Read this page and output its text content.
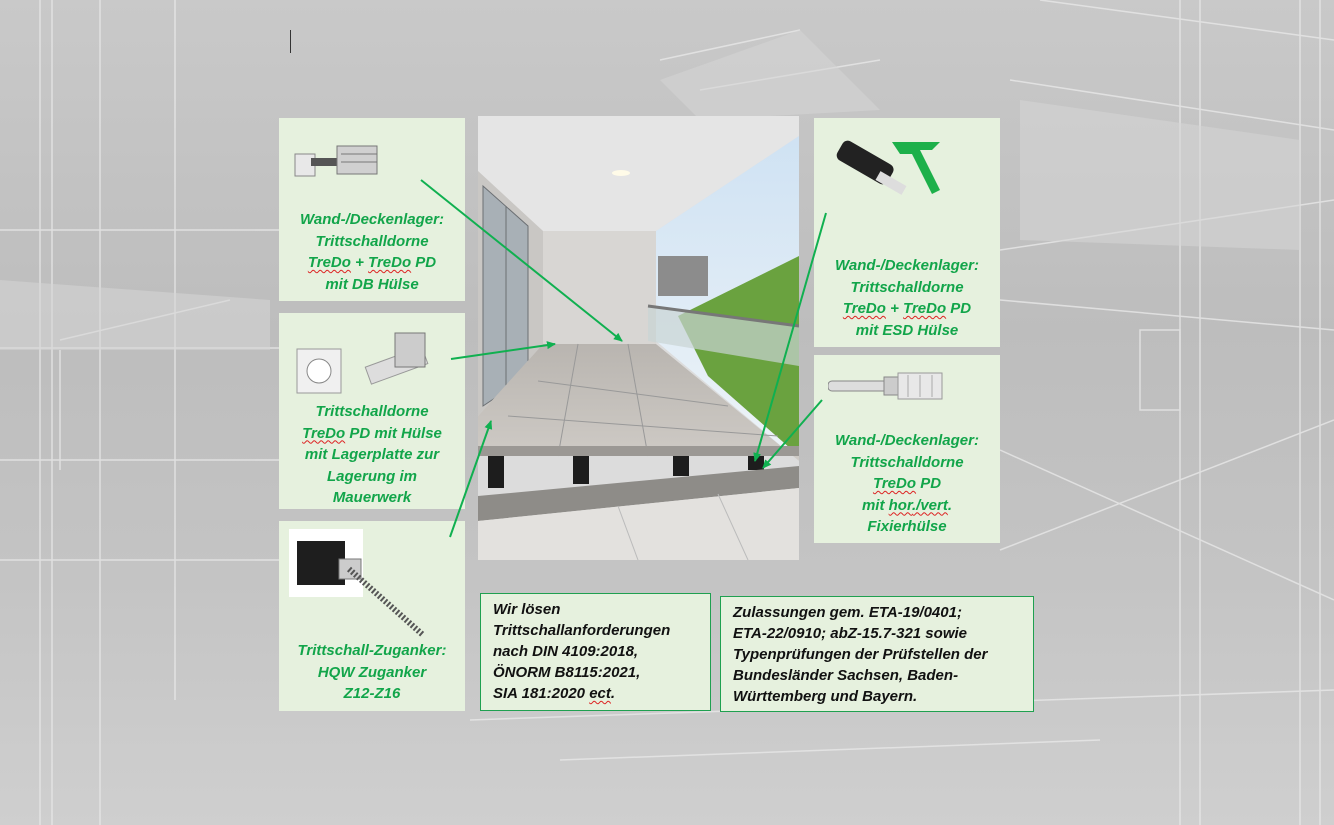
Wand-/Deckenlager:
Trittschalldorne
TreDo + TreDo PD
mit DB Hülse
Trittschalldorne
TreDo PD mit Hülse
mit Lagerplatte zur
Lagerung im
Mauerwerk
Trittschall-Zuganker:
HQW Zuganker
Z12-Z16
Wand-/Deckenlager:
Trittschalldorne
TreDo + TreDo PD
mit ESD Hülse
Wand-/Deckenlager:
Trittschalldorne
TreDo PD
mit hor./vert.
Fixierhülse
Wir lösen
Trittschallanforderungen
nach DIN 4109:2018,
ÖNORM B8115:2021,
SIA 181:2020 ect.
Zulassungen gem. ETA-19/0401;
ETA-22/0910; abZ-15.7-321 sowie
Typenprüfungen der Prüfstellen der
Bundesländer Sachsen, Baden-
Württemberg und Bayern.
